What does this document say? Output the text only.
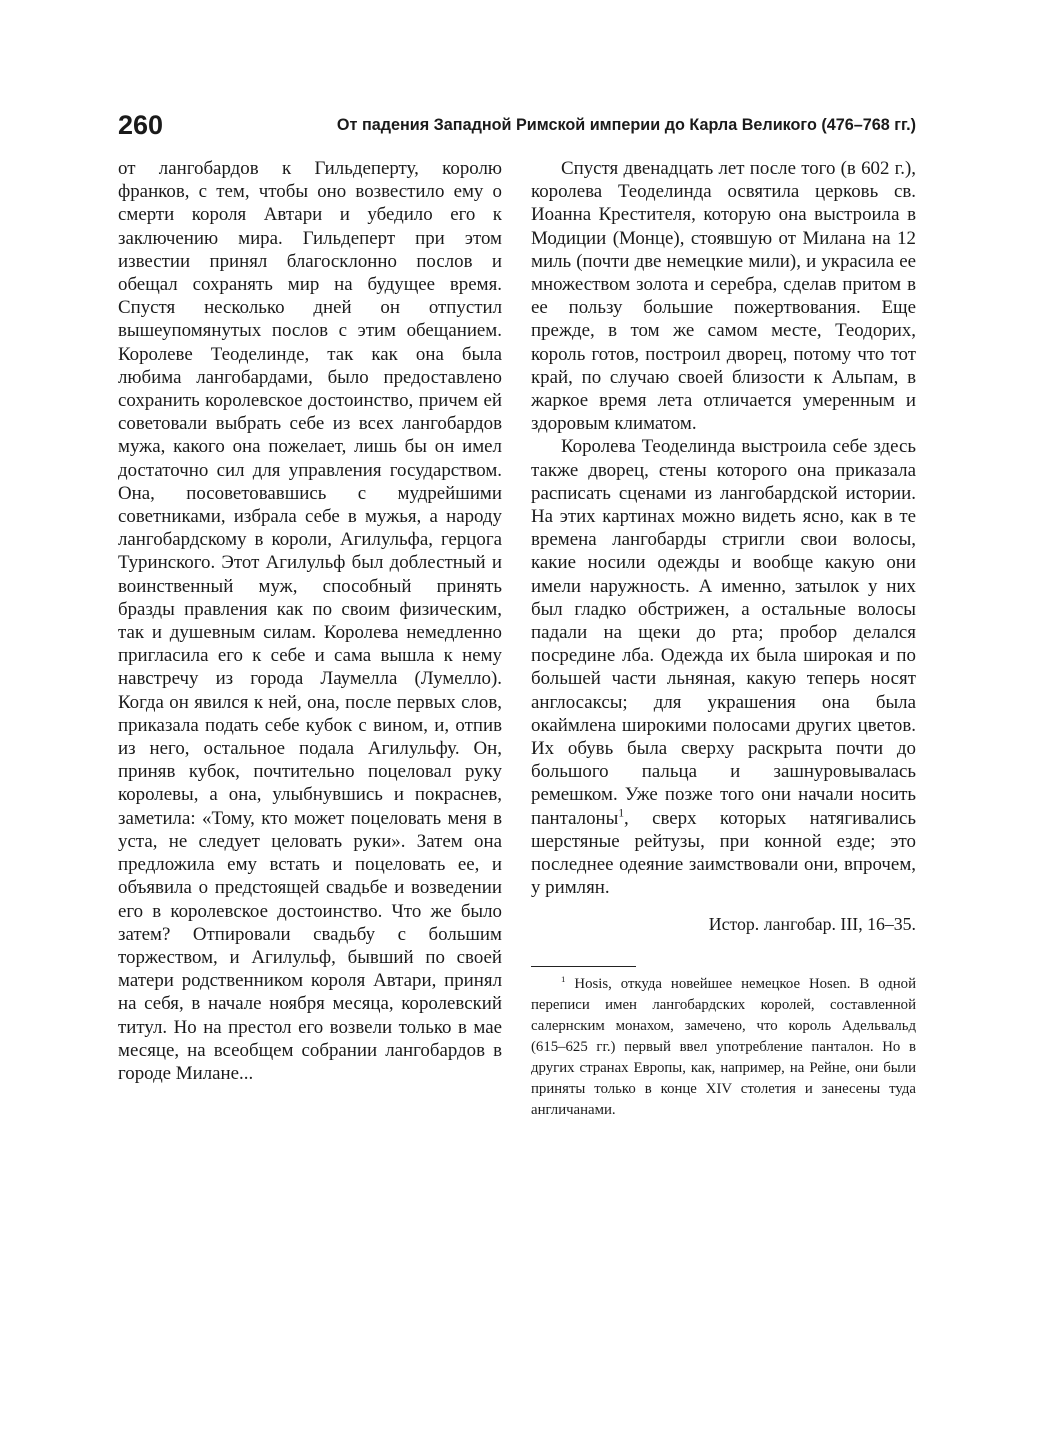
260	От падения Западной Римской империи до Карла Великого (476–768 гг.)

от лангобардов к Гильдеперту, королю франков, с тем, чтобы оно возвестило ему о смерти короля Автари и убедило его к заключению мира. Гильдеперт при этом известии принял благосклонно послов и обещал сохранять мир на будущее время. Спустя несколько дней он отпустил вышеупомянутых послов с этим обещанием. Королеве Теоделинде, так как она была любима лангобардами, было предоставлено сохранить королевское достоинство, причем ей советовали выбрать себе из всех лангобардов мужа, какого она пожелает, лишь бы он имел достаточно сил для управления государством. Она, посоветовавшись с мудрейшими советниками, избрала себе в мужья, а народу лангобардскому в короли, Агилульфа, герцога Туринского. Этот Агилульф был доблестный и воинственный муж, способный принять бразды правления как по своим физическим, так и душевным силам. Королева немедленно пригласила его к себе и сама вышла к нему навстречу из города Лаумелла (Лумелло). Когда он явился к ней, она, после первых слов, приказала подать себе кубок с вином, и, отпив из него, остальное подала Агилульфу. Он, приняв кубок, почтительно поцеловал руку королевы, а она, улыбнувшись и покраснев, заметила: «Тому, кто может поцеловать меня в уста, не следует целовать руки». Затем она предложила ему встать и поцеловать ее, и объявила о предстоящей свадьбе и возведении его в королевское достоинство. Что же было затем? Отпировали свадьбу с большим торжеством, и Агилульф, бывший по своей матери родственником короля Автари, принял на себя, в начале ноября месяца, королевский титул. Но на престол его возвели только в мае месяце, на всеобщем собрании лангобардов в городе Милане...

Спустя двенадцать лет после того (в 602 г.), королева Теоделинда освятила церковь св. Иоанна Крестителя, которую она выстроила в Модиции (Монце), стоявшую от Милана на 12 миль (почти две немецкие мили), и украсила ее множеством золота и серебра, сделав притом в ее пользу большие пожертвования. Еще прежде, в том же самом месте, Теодорих, король готов, построил дворец, потому что тот край, по случаю своей близости к Альпам, в жаркое время лета отличается умеренным и здоровым климатом.

Королева Теоделинда выстроила себе здесь также дворец, стены которого она приказала расписать сценами из лангобардской истории. На этих картинах можно видеть ясно, как в те времена лангобарды стригли свои волосы, какие носили одежды и вообще какую они имели наружность. А именно, затылок у них был гладко обстрижен, а остальные волосы падали на щеки до рта; пробор делался посредине лба. Одежда их была широкая и по большей части льняная, какую теперь носят англосаксы; для украшения она была окаймлена широкими полосами других цветов. Их обувь была сверху раскрыта почти до большого пальца и зашнуровывалась ремешком. Уже позже того они начали носить панталоны$^1$, сверх которых натягивались шерстяные рейтузы, при конной езде; это последнее одеяние заимствовали они, впрочем, у римлян.

Истор. лангобар. III, 16–35.

$^1$ Hosis, откуда новейшее немецкое Hosen. В одной переписи имен лангобардских королей, составленной салернским монахом, замечено, что король Адельвальд (615–625 гг.) первый ввел употребление панталон. Но в других странах Европы, как, например, на Рейне, они были приняты только в конце XIV столетия и занесены туда англичанами.
